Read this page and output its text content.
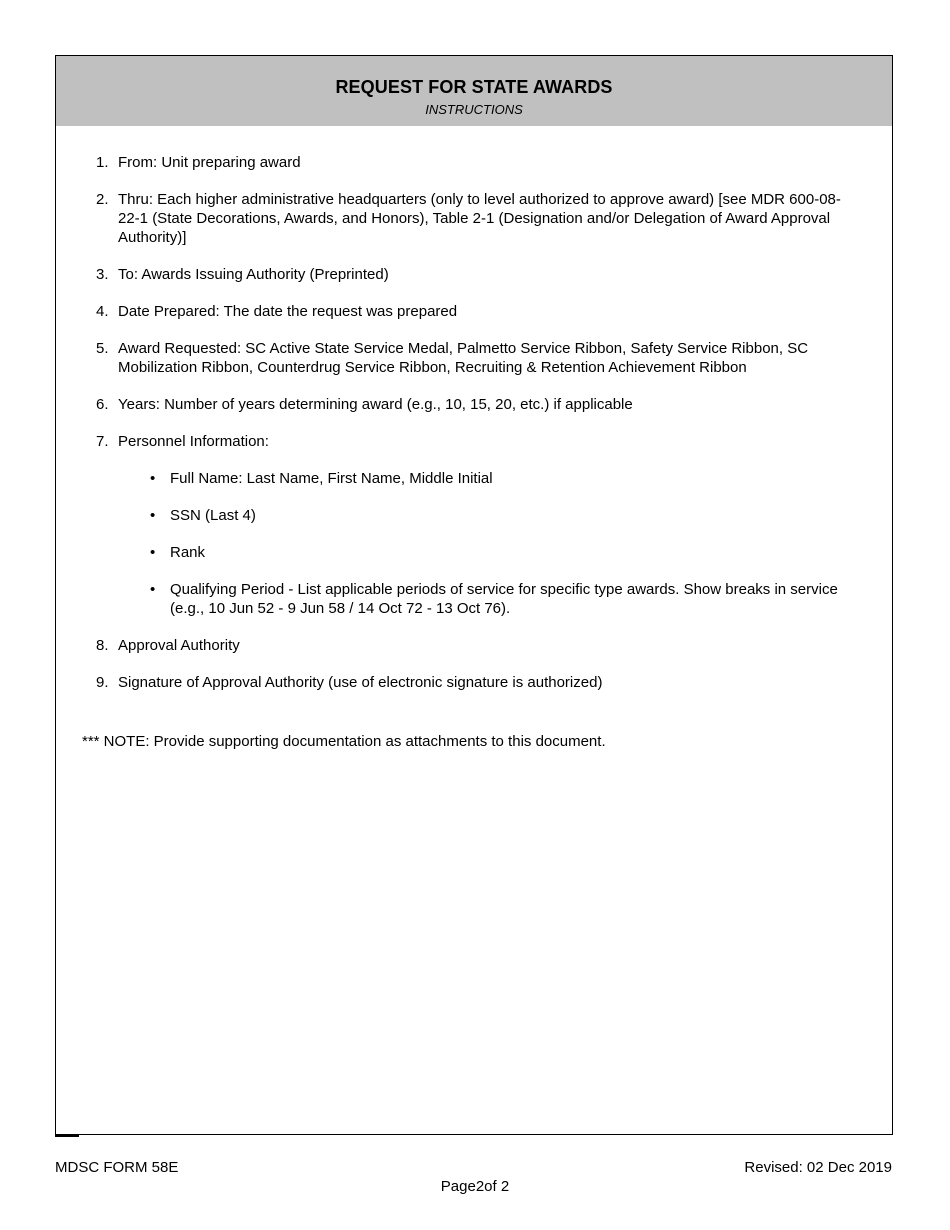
REQUEST FOR STATE AWARDS
INSTRUCTIONS
1. From: Unit preparing award
2. Thru: Each higher administrative headquarters (only to level authorized to approve award) [see MDR 600-08-22-1 (State Decorations, Awards, and Honors), Table 2-1 (Designation and/or Delegation of Award Approval Authority)]
3. To: Awards Issuing Authority (Preprinted)
4. Date Prepared: The date the request was prepared
5. Award Requested: SC Active State Service Medal, Palmetto Service Ribbon, Safety Service Ribbon, SC Mobilization Ribbon, Counterdrug Service Ribbon, Recruiting & Retention Achievement Ribbon
6. Years: Number of years determining award (e.g., 10, 15, 20, etc.) if applicable
7. Personnel Information:
• Full Name: Last Name, First Name, Middle Initial
• SSN (Last 4)
• Rank
• Qualifying Period - List applicable periods of service for specific type awards. Show breaks in service (e.g., 10 Jun 52 - 9 Jun 58 / 14 Oct 72 - 13 Oct 76).
8. Approval Authority
9. Signature of Approval Authority (use of electronic signature is authorized)
*** NOTE: Provide supporting documentation as attachments to this document.
MDSC FORM 58E	Revised: 02 Dec 2019
Page2of 2
